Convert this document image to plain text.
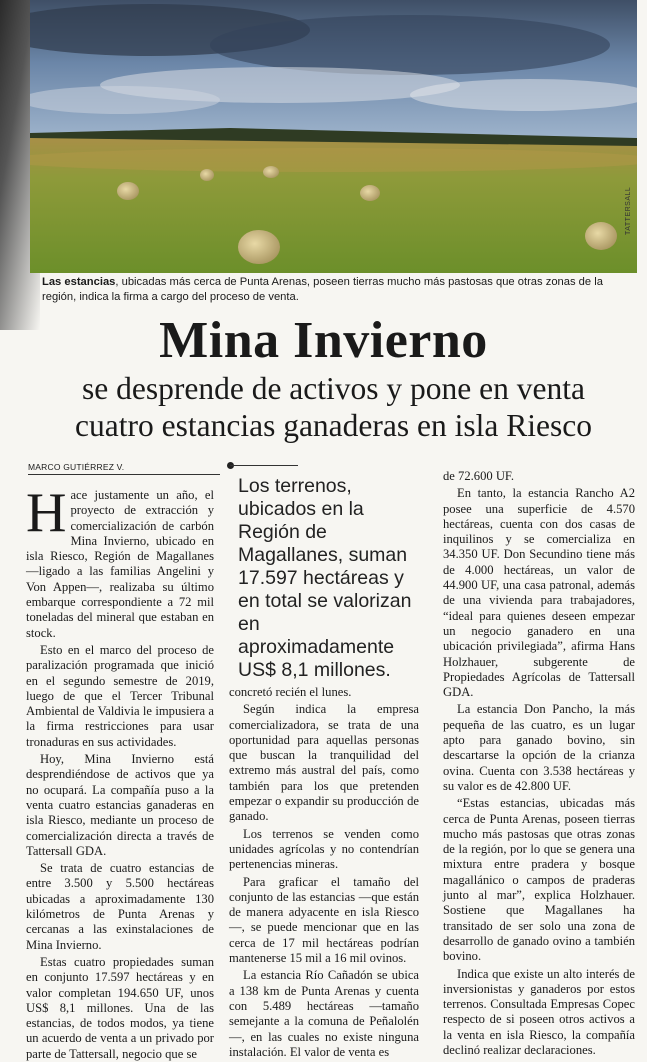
TATTERSALL
Las estancias, ubicadas más cerca de Punta Arenas, poseen tierras mucho más pastosas que otras zonas de la región, indica la firma a cargo del proceso de venta.
Mina Invierno
se desprende de activos y pone en venta
cuatro estancias ganaderas en isla Riesco
MARCO GUTIÉRREZ V.

Hace justamente un año, el proyecto de extracción y comercialización de carbón Mina Invierno, ubicado en isla Riesco, Región de Magallanes —ligado a las familias Angelini y Von Appen—, realizaba su último embarque correspondiente a 72 mil toneladas del mineral que estaban en stock.

Esto en el marco del proceso de paralización programada que inició en el segundo semestre de 2019, luego de que el Tercer Tribunal Ambiental de Valdivia le impusiera a la firma restricciones para usar tronaduras en sus actividades.

Hoy, Mina Invierno está desprendiéndose de activos que ya no ocupará. La compañía puso a la venta cuatro estancias ganaderas en isla Riesco, mediante un proceso de comercialización directa a través de Tattersall GDA.

Se trata de cuatro estancias de entre 3.500 y 5.500 hectáreas ubicadas a aproximadamente 130 kilómetros de Punta Arenas y cercanas a las exinstalaciones de Mina Invierno.

Estas cuatro propiedades suman en conjunto 17.597 hectáreas y en valor completan 194.650 UF, unos US$ 8,1 millones. Una de las estancias, de todos modos, ya tiene un acuerdo de venta a un privado por parte de Tattersall, negocio que se

Los terrenos, ubicados en la Región de Magallanes, suman 17.597 hectáreas y en total se valorizan en aproximadamente US$ 8,1 millones.

concretó recién el lunes.

Según indica la empresa comercializadora, se trata de una oportunidad para aquellas personas que buscan la tranquilidad del extremo más austral del país, como también para los que pretenden empezar o expandir su producción de ganado.

Los terrenos se venden como unidades agrícolas y no contendrían pertenencias mineras.

Para graficar el tamaño del conjunto de las estancias —que están de manera adyacente en isla Riesco—, se puede mencionar que en las cerca de 17 mil hectáreas podrían mantenerse 15 mil a 16 mil ovinos.

La estancia Río Cañadón se ubica a 138 km de Punta Arenas y cuenta con 5.489 hectáreas —tamaño semejante a la comuna de Peñalolén—, en las cuales no existe ninguna instalación. El valor de venta es

de 72.600 UF.

En tanto, la estancia Rancho A2 posee una superficie de 4.570 hectáreas, cuenta con dos casas de inquilinos y se comercializa en 34.350 UF. Don Secundino tiene más de 4.000 hectáreas, un valor de 44.900 UF, una casa patronal, además de una vivienda para trabajadores, “ideal para quienes deseen empezar un negocio ganadero en una ubicación privilegiada”, afirma Hans Holzhauer, subgerente de Propiedades Agrícolas de Tattersall GDA.

La estancia Don Pancho, la más pequeña de las cuatro, es un lugar apto para ganado bovino, sin descartarse la opción de la crianza ovina. Cuenta con 3.538 hectáreas y su valor es de 42.800 UF.

“Estas estancias, ubicadas más cerca de Punta Arenas, poseen tierras mucho más pastosas que otras zonas de la región, por lo que se genera una mixtura entre pradera y bosque magallánico o campos de praderas junto al mar”, explica Holzhauer. Sostiene que Magallanes ha transitado de ser solo una zona de desarrollo de ganado ovino a también bovino.

Indica que existe un alto interés de inversionistas y ganaderos por estos terrenos. Consultada Empresas Copec respecto de si poseen otros activos a la venta en isla Riesco, la compañía declinó realizar declaraciones.
